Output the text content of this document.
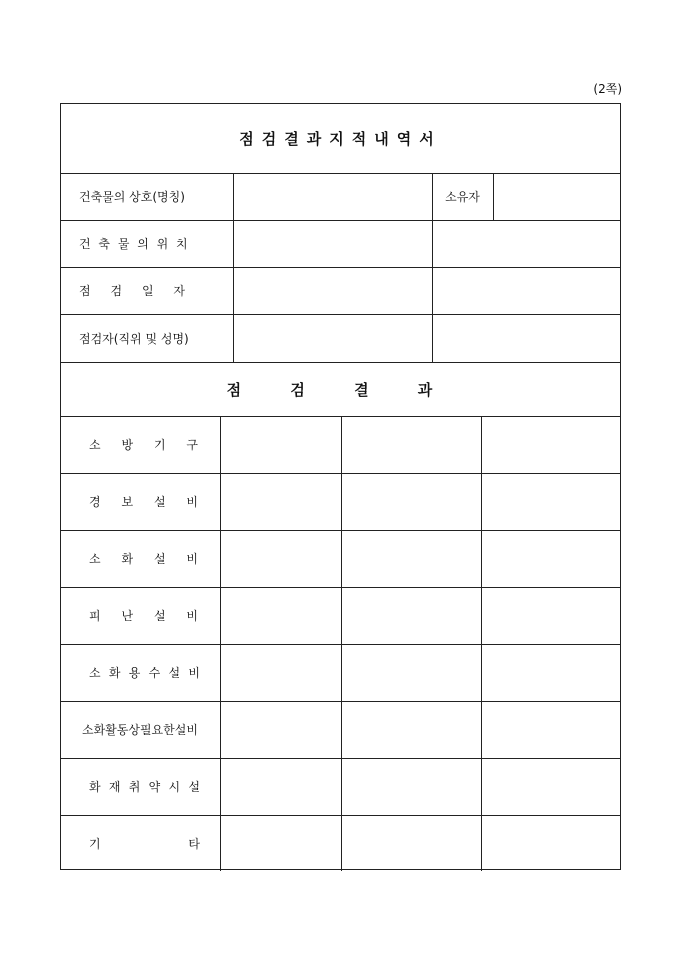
(2쪽)
점검결과지적내역서
건축물의 상호(명칭)	소유자
건 축 물 의 위 치
점 검 일 자
점검자(직위 및 성명)
점 검 결 과
소 방 기 구
경 보 설 비
소 화 설 비
피 난 설 비
소 화 용 수 설 비
소화활동상필요한설비
화 재 취 약 시 설
기	타
